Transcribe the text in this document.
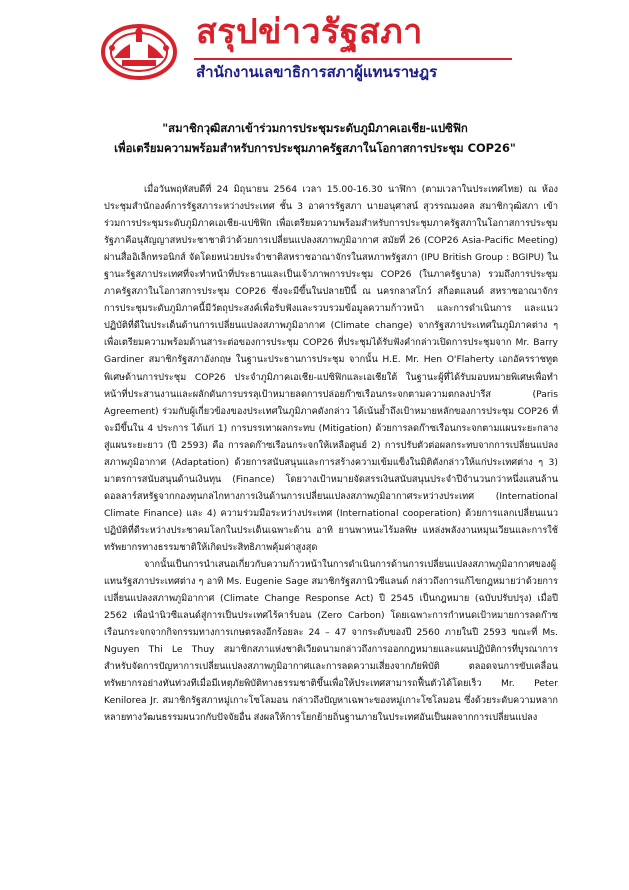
สรุปข่าวรัฐสภา
สำนักงานเลขาธิการสภาผู้แทนราษฎร
"สมาชิกวุฒิสภาเข้าร่วมการประชุมระดับภูมิภาคเอเชีย-แปซิฟิก
เพื่อเตรียมความพร้อมสำหรับการประชุมภาครัฐสภาในโอกาสการประชุม COP26"
เมื่อวันพฤหัสบดีที่ 24 มิถุนายน 2564 เวลา 15.00-16.30 นาฬิกา (ตามเวลาในประเทศไทย) ณ ห้องประชุมสำนักองค์การรัฐสภาระหว่างประเทศ ชั้น 3 อาคารรัฐสภา นายอนุศาสน์ สุวรรณมงคล สมาชิกวุฒิสภา เข้าร่วมการประชุมระดับภูมิภาคเอเชีย-แปซิฟิก เพื่อเตรียมความพร้อมสำหรับการประชุมภาครัฐสภาในโอกาสการประชุมรัฐภาคีอนุสัญญาสหประชาชาติว่าด้วยการเปลี่ยนแปลงสภาพภูมิอากาศ สมัยที่ 26 (COP26 Asia-Pacific Meeting) ผ่านสื่ออิเล็กทรอนิกส์ จัดโดยหน่วยประจำชาติสหราชอาณาจักรในสหภาพรัฐสภา (IPU British Group : BGIPU) ในฐานะรัฐสภาประเทศที่จะทำหน้าที่ประธานและเป็นเจ้าภาพการประชุม COP26 (ในภาครัฐบาล) รวมถึงการประชุมภาครัฐสภาในโอกาสการประชุม COP26 ซึ่งจะมีขึ้นในปลายปีนี้ ณ นครกลาสโกว์ สก็อตแลนด์ สหราชอาณาจักร การประชุมระดับภูมิภาคนี้มีวัตถุประสงค์เพื่อรับฟังและรวบรวมข้อมูลความก้าวหน้า และการดำเนินการ และแนวปฏิบัติที่ดีในประเด็นด้านการเปลี่ยนแปลงสภาพภูมิอากาศ (Climate change) จากรัฐสภาประเทศในภูมิภาคต่าง ๆ เพื่อเตรียมความพร้อมด้านสาระต่อของการประชุม COP26 ที่ประชุมได้รับฟังคำกล่าวเปิดการประชุมจาก Mr. Barry Gardiner สมาชิกรัฐสภาอังกฤษ ในฐานะประธานการประชุม จากนั้น H.E. Mr. Hen O'Flaherty เอกอัครราชทูตพิเศษด้านการประชุม COP26 ประจำภูมิภาคเอเชีย-แปซิฟิกและเอเชียใต้ ในฐานะผู้ที่ได้รับมอบหมายพิเศษเพื่อทำหน้าที่ประสานงานและผลักดันการบรรลุเป้าหมายลดการปล่อยก๊าซเรือนกระจกตามความตกลงปารีส (Paris Agreement) ร่วมกับผู้เกี่ยวข้องของประเทศในภูมิภาคดังกล่าว ได้เน้นย้ำถึงเป้าหมายหลักของการประชุม COP26 ที่จะมีขึ้นใน 4 ประการ ได้แก่ 1) การบรรเทาผลกระทบ (Mitigation) ด้วยการลดก๊าซเรือนกระจกตามแผนระยะกลางสู่แผนระยะยาว (ปี 2593) คือ การลดก๊าซเรือนกระจกให้เหลือศูนย์ 2) การปรับตัวต่อผลกระทบจากการเปลี่ยนแปลงสภาพภูมิอากาศ (Adaptation) ด้วยการสนับสนุนและการสร้างความเข้มแข็งในมิติดังกล่าวให้แก่ประเทศต่าง ๆ 3) มาตรการสนับสนุนด้านเงินทุน (Finance) โดยวางเป้าหมายจัดสรรเงินสนับสนุนประจำปีจำนวนกว่าหนึ่งแสนล้านดอลลาร์สหรัฐจากกองทุนกลไกทางการเงินด้านการเปลี่ยนแปลงสภาพภูมิอากาศระหว่างประเทศ (International Climate Finance) และ 4) ความร่วมมือระหว่างประเทศ (International cooperation) ด้วยการแลกเปลี่ยนแนวปฏิบัติที่ดีระหว่างประชาคมโลกในประเด็นเฉพาะด้าน อาทิ ยานพาหนะไร้มลพิษ แหล่งพลังงานหมุนเวียนและการใช้ทรัพยากรทางธรรมชาติให้เกิดประสิทธิภาพคุ้มค่าสูงสุด
จากนั้นเป็นการนำเสนอเกี่ยวกับความก้าวหน้าในการดำเนินการด้านการเปลี่ยนแปลงสภาพภูมิอากาศของผู้แทนรัฐสภาประเทศต่าง ๆ อาทิ Ms. Eugenie Sage สมาชิกรัฐสภานิวซีแลนด์ กล่าวถึงการแก้ไขกฎหมายว่าด้วยการเปลี่ยนแปลงสภาพภูมิอากาศ (Climate Change Response Act) ปี 2545 เป็นกฎหมาย (ฉบับปรับปรุง) เมื่อปี 2562 เพื่อนำนิวซีแลนด์สู่การเป็นประเทศไร้คาร์บอน (Zero Carbon) โดยเฉพาะการกำหนดเป้าหมายการลดก๊าซเรือนกระจกจากกิจกรรมทางการเกษตรลงอีกร้อยละ 24 – 47 จากระดับของปี 2560 ภายในปี 2593 ขณะที่ Ms. Nguyen Thi Le Thuy สมาชิกสภาแห่งชาติเวียดนามกล่าวถึงการออกกฎหมายและแผนปฏิบัติการที่บูรณาการสำหรับจัดการปัญหาการเปลี่ยนแปลงสภาพภูมิอากาศและการลดความเสี่ยงจากภัยพิบัติ ตลอดจนการขับเคลื่อนทรัพยากรอย่างทันท่วงทีเมื่อมีเหตุภัยพิบัติทางธรรมชาติขึ้นเพื่อให้ประเทศสามารถฟื้นตัวได้โดยเร็ว Mr. Peter Kenilorea Jr. สมาชิกรัฐสภาหมู่เกาะโซโลมอน กล่าวถึงปัญหาเฉพาะของหมู่เกาะโซโลมอน ซึ่งด้วยระดับความหลากหลายทางวัฒนธรรมผนวกกับปัจจัยอื่น ส่งผลให้การโยกย้ายถิ่นฐานภายในประเทศอันเป็นผลจากการเปลี่ยนแปลง
